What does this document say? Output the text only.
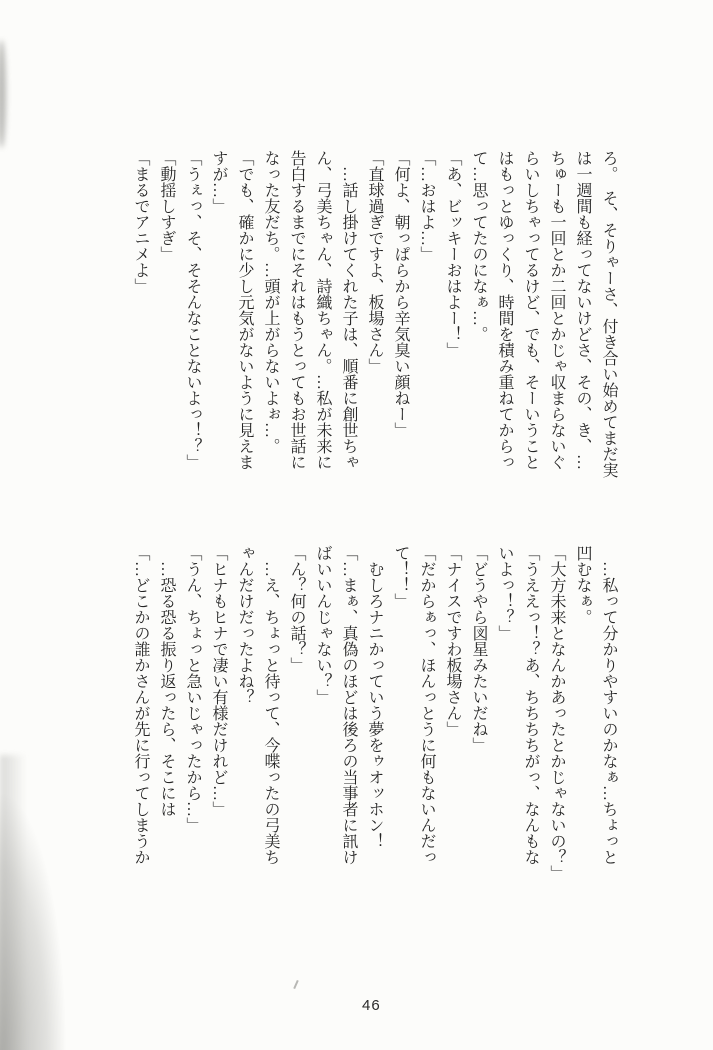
ろ。　そ、そりゃーさ、付き合い始めてまだ実
は一週間も経ってないけどさ、その、き、…
ちゅーも一回とか二回とかじゃ収まらないぐ
らいしちゃってるけど、でも、そーいうこと
はもっとゆっくり、時間を積み重ねてからっ
て…思ってたのになぁ…。
「あ、ビッキーおはよー！」
「…おはよ…」
「何よ、朝っぱらから辛気臭い顔ねー」
「直球過ぎですよ、板場さん」
　…話し掛けてくれた子は、順番に創世ちゃ
ん、弓美ちゃん、詩織ちゃん。…私が未来に
告白するまでにそれはもうとってもお世話に
なった友だち。…頭が上がらないよぉ…。
「でも、確かに少し元気がないように見えま
すが…」
「うぇっ、そ、そそんなことないよっ！？」
「動揺しすぎ」
「まるでアニメよ」
　…私って分かりやすいのかなぁ…ちょっと
凹むなぁ。
「大方未来となんかあったとかじゃないの？」
「うええっ！？あ、ちちちちがっ、なんもな
いよっ！？」
「どうやら図星みたいだね」
「ナイスですわ板場さん」
「だからぁっ、ほんっとうに何もないんだっ
て！！」
　むしろナニかっていう夢をゥオッホン！
「…まぁ、真偽のほどは後ろの当事者に訊け
ばいいんじゃない？」
「ん？何の話？」
　…え、ちょっと待って、今喋ったの弓美ち
ゃんだけだったよね？
「ヒナもヒナで凄い有様だけれど…」
「うん、ちょっと急いじゃったから…」
　…恐る恐る振り返ったら、そこには
「…どこかの誰かさんが先に行ってしまうか
46
